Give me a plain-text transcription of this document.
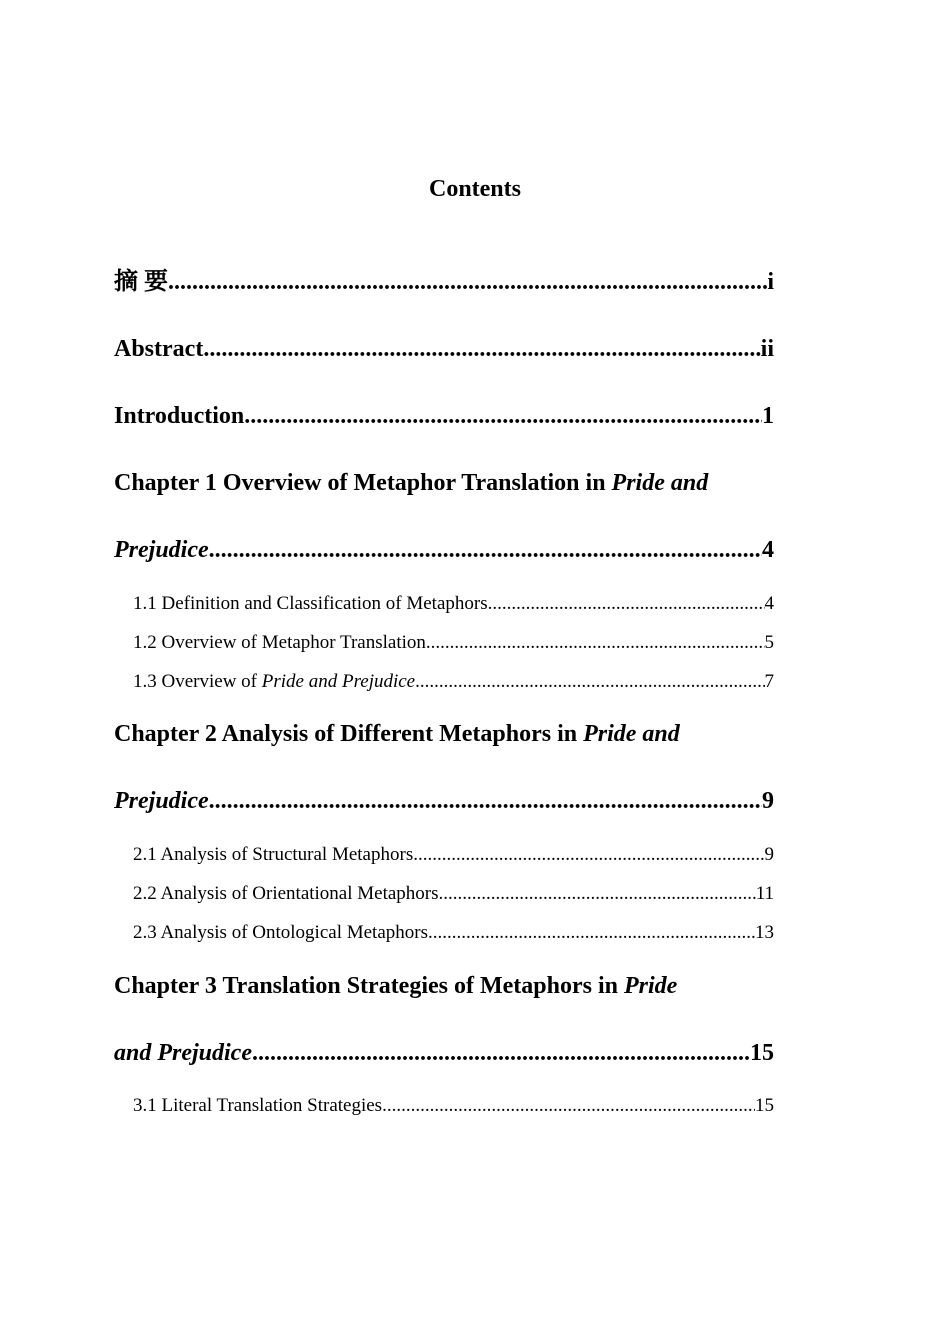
Contents
摘 要 .....	i
Abstract .....	ii
Introduction .....	1
Chapter 1 Overview of Metaphor Translation in Pride and
Prejudice .....	4
1.1 Definition and Classification of Metaphors .....	4
1.2 Overview of Metaphor Translation .....	5
1.3 Overview of Pride and Prejudice .....	7
Chapter 2 Analysis of Different Metaphors in Pride and
Prejudice .....	9
2.1 Analysis of Structural Metaphors .....	9
2.2 Analysis of Orientational Metaphors .....	11
2.3 Analysis of Ontological Metaphors .....	13
Chapter 3 Translation Strategies of Metaphors in Pride
and Prejudice .....	15
3.1 Literal Translation Strategies .....	15
